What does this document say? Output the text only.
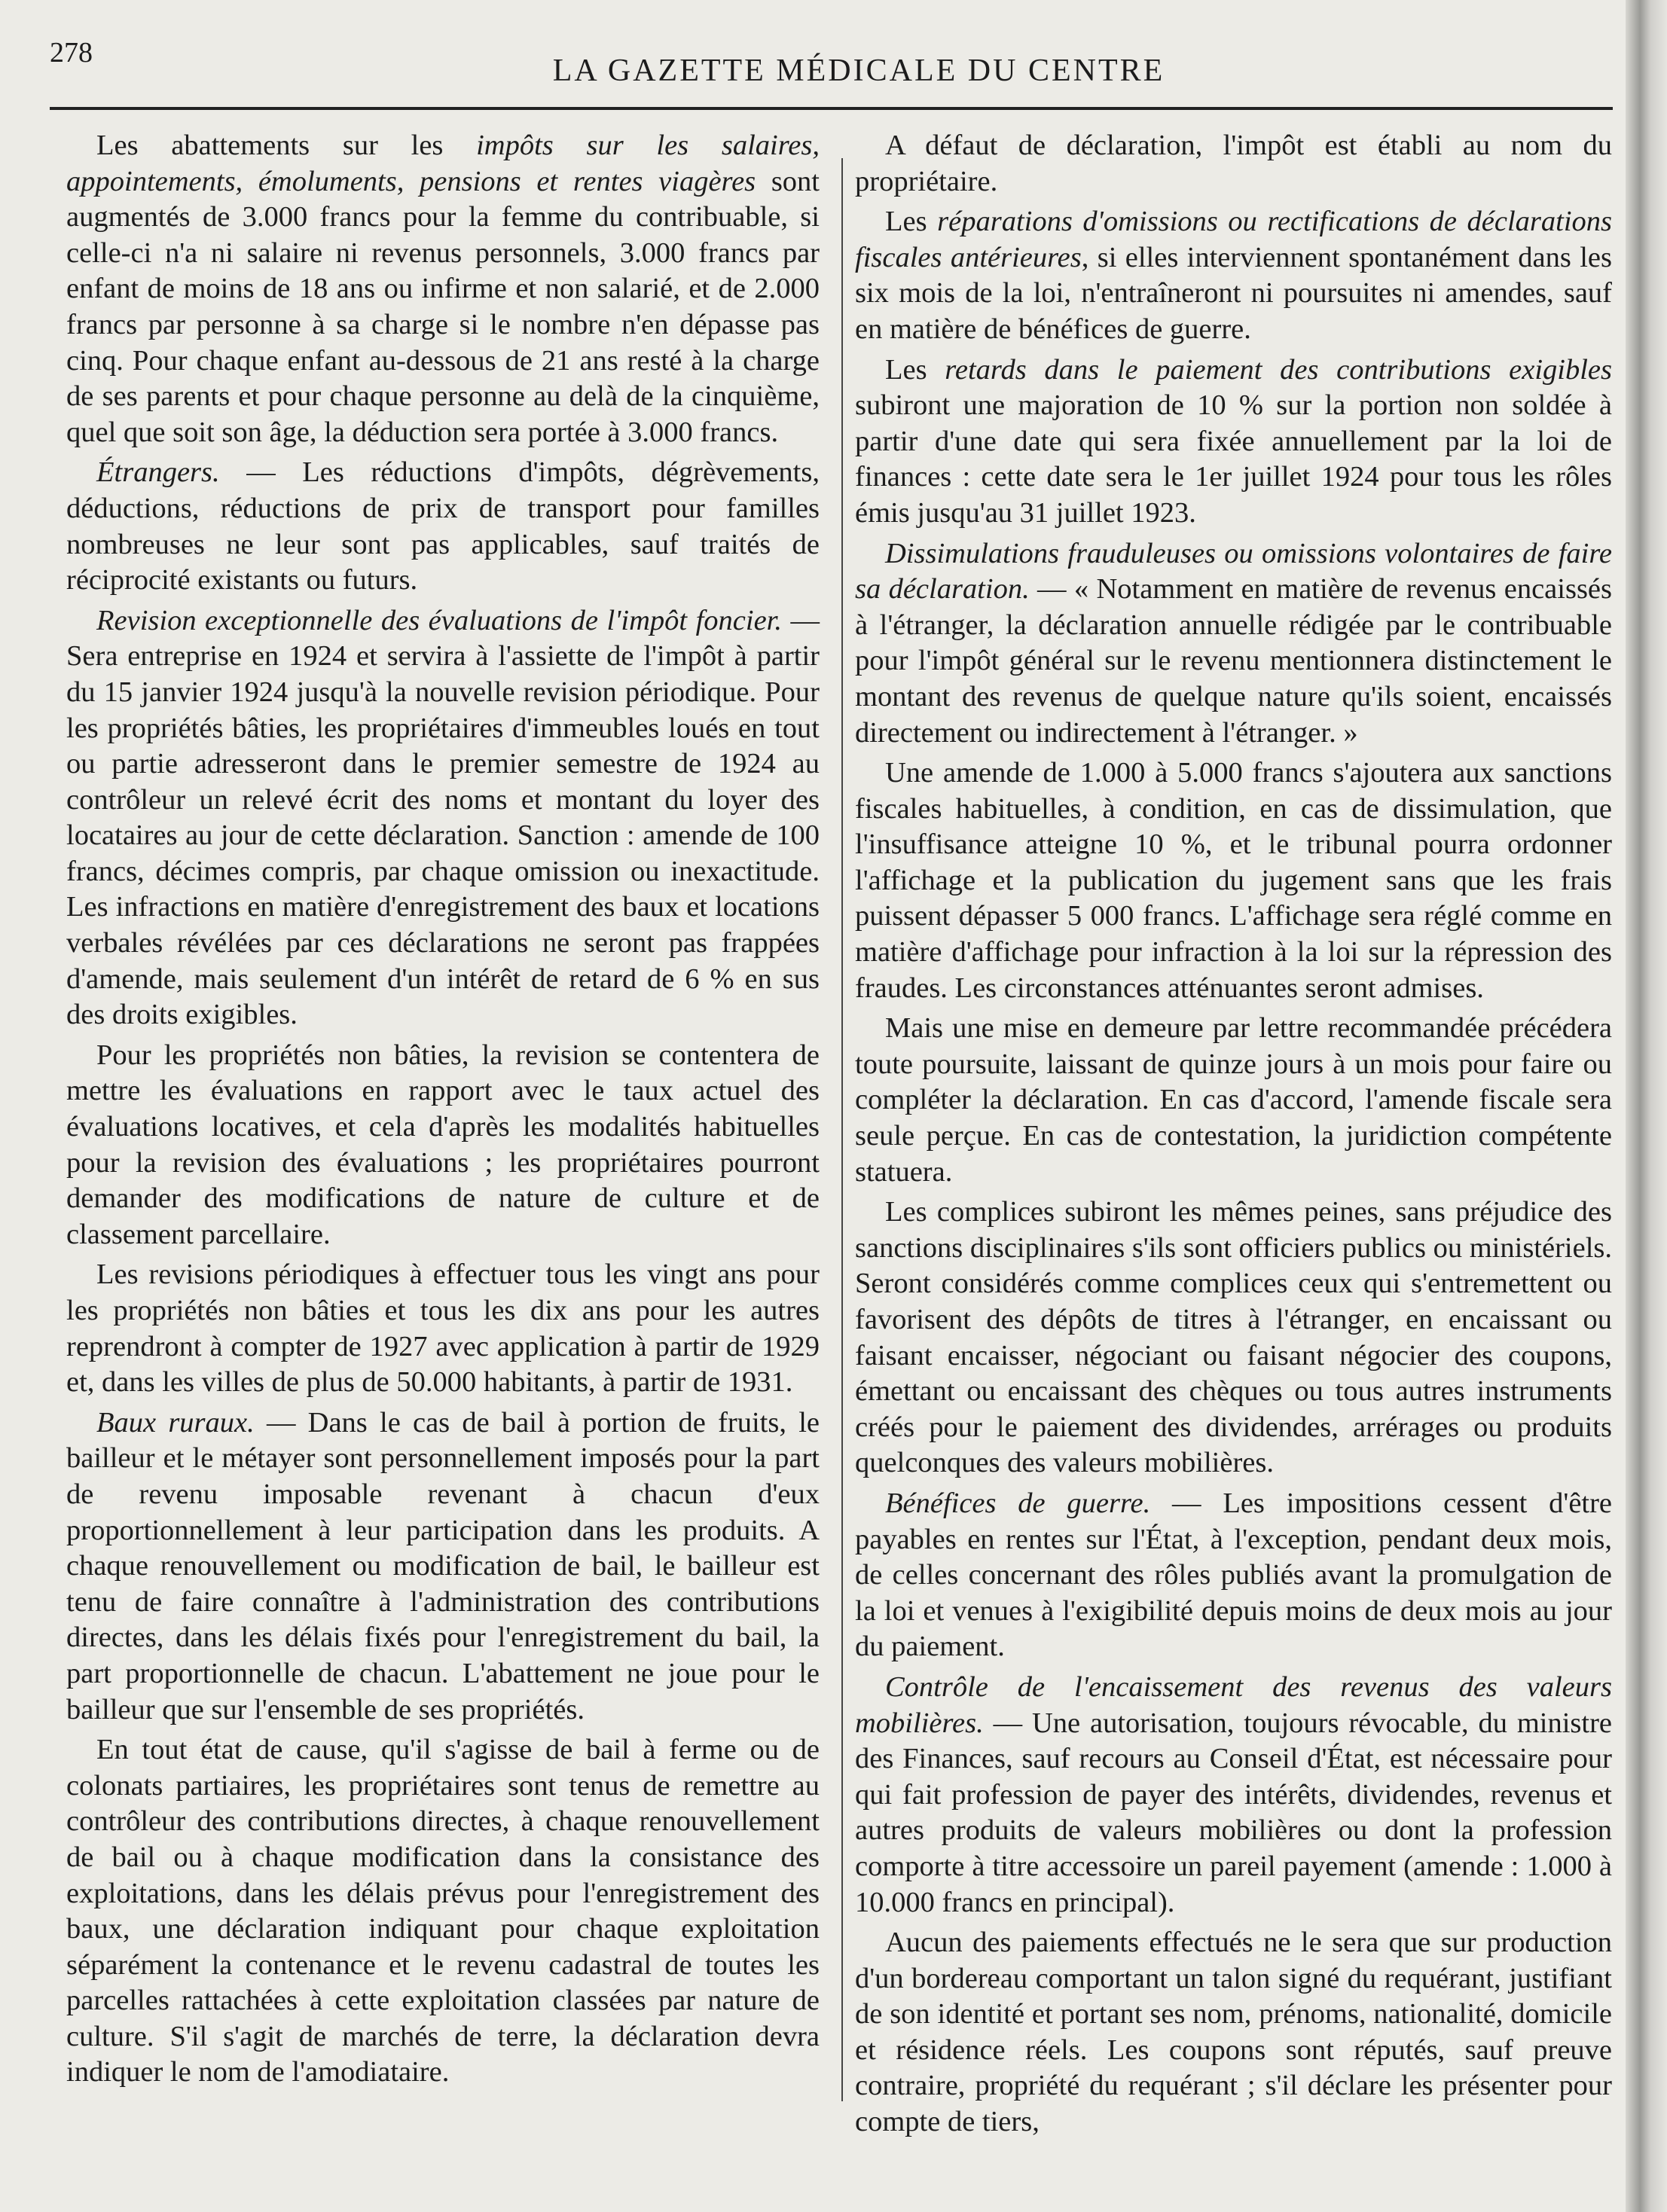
278
LA GAZETTE MÉDICALE DU CENTRE

Les abattements sur les impôts sur les salaires, appointements, émoluments, pensions et rentes viagères sont augmentés de 3.000 francs pour la femme du contribuable, si celle-ci n'a ni salaire ni revenus personnels, 3.000 francs par enfant de moins de 18 ans ou infirme et non salarié, et de 2.000 francs par personne à sa charge si le nombre n'en dépasse pas cinq. Pour chaque enfant au-dessous de 21 ans resté à la charge de ses parents et pour chaque personne au delà de la cinquième, quel que soit son âge, la déduction sera portée à 3.000 francs.

Étrangers. — Les réductions d'impôts, dégrèvements, déductions, réductions de prix de transport pour familles nombreuses ne leur sont pas applicables, sauf traités de réciprocité existants ou futurs.

Revision exceptionnelle des évaluations de l'impôt foncier. — Sera entreprise en 1924 et servira à l'assiette de l'impôt à partir du 15 janvier 1924 jusqu'à la nouvelle revision périodique. Pour les propriétés bâties, les propriétaires d'immeubles loués en tout ou partie adresseront dans le premier semestre de 1924 au contrôleur un relevé écrit des noms et montant du loyer des locataires au jour de cette déclaration. Sanction : amende de 100 francs, décimes compris, par chaque omission ou inexactitude. Les infractions en matière d'enregistrement des baux et locations verbales révélées par ces déclarations ne seront pas frappées d'amende, mais seulement d'un intérêt de retard de 6 % en sus des droits exigibles.

Pour les propriétés non bâties, la revision se contentera de mettre les évaluations en rapport avec le taux actuel des évaluations locatives, et cela d'après les modalités habituelles pour la revision des évaluations ; les propriétaires pourront demander des modifications de nature de culture et de classement parcellaire.

Les revisions périodiques à effectuer tous les vingt ans pour les propriétés non bâties et tous les dix ans pour les autres reprendront à compter de 1927 avec application à partir de 1929 et, dans les villes de plus de 50.000 habitants, à partir de 1931.

Baux ruraux. — Dans le cas de bail à portion de fruits, le bailleur et le métayer sont personnellement imposés pour la part de revenu imposable revenant à chacun d'eux proportionnellement à leur participation dans les produits. A chaque renouvellement ou modification de bail, le bailleur est tenu de faire connaître à l'administration des contributions directes, dans les délais fixés pour l'enregistrement du bail, la part proportionnelle de chacun. L'abattement ne joue pour le bailleur que sur l'ensemble de ses propriétés.

En tout état de cause, qu'il s'agisse de bail à ferme ou de colonats partiaires, les propriétaires sont tenus de remettre au contrôleur des contributions directes, à chaque renouvellement de bail ou à chaque modification dans la consistance des exploitations, dans les délais prévus pour l'enregistrement des baux, une déclaration indiquant pour chaque exploitation séparément la contenance et le revenu cadastral de toutes les parcelles rattachées à cette exploitation classées par nature de culture. S'il s'agit de marchés de terre, la déclaration devra indiquer le nom de l'amodiataire.

A défaut de déclaration, l'impôt est établi au nom du propriétaire.

Les réparations d'omissions ou rectifications de déclarations fiscales antérieures, si elles interviennent spontanément dans les six mois de la loi, n'entraîneront ni poursuites ni amendes, sauf en matière de bénéfices de guerre.

Les retards dans le paiement des contributions exigibles subiront une majoration de 10 % sur la portion non soldée à partir d'une date qui sera fixée annuellement par la loi de finances : cette date sera le 1er juillet 1924 pour tous les rôles émis jusqu'au 31 juillet 1923.

Dissimulations frauduleuses ou omissions volontaires de faire sa déclaration. — « Notamment en matière de revenus encaissés à l'étranger, la déclaration annuelle rédigée par le contribuable pour l'impôt général sur le revenu mentionnera distinctement le montant des revenus de quelque nature qu'ils soient, encaissés directement ou indirectement à l'étranger. »

Une amende de 1.000 à 5.000 francs s'ajoutera aux sanctions fiscales habituelles, à condition, en cas de dissimulation, que l'insuffisance atteigne 10 %, et le tribunal pourra ordonner l'affichage et la publication du jugement sans que les frais puissent dépasser 5 000 francs. L'affichage sera réglé comme en matière d'affichage pour infraction à la loi sur la répression des fraudes. Les circonstances atténuantes seront admises.

Mais une mise en demeure par lettre recommandée précédera toute poursuite, laissant de quinze jours à un mois pour faire ou compléter la déclaration. En cas d'accord, l'amende fiscale sera seule perçue. En cas de contestation, la juridiction compétente statuera.

Les complices subiront les mêmes peines, sans préjudice des sanctions disciplinaires s'ils sont officiers publics ou ministériels. Seront considérés comme complices ceux qui s'entremettent ou favorisent des dépôts de titres à l'étranger, en encaissant ou faisant encaisser, négociant ou faisant négocier des coupons, émettant ou encaissant des chèques ou tous autres instruments créés pour le paiement des dividendes, arrérages ou produits quelconques des valeurs mobilières.

Bénéfices de guerre. — Les impositions cessent d'être payables en rentes sur l'État, à l'exception, pendant deux mois, de celles concernant des rôles publiés avant la promulgation de la loi et venues à l'exigibilité depuis moins de deux mois au jour du paiement.

Contrôle de l'encaissement des revenus des valeurs mobilières. — Une autorisation, toujours révocable, du ministre des Finances, sauf recours au Conseil d'État, est nécessaire pour qui fait profession de payer des intérêts, dividendes, revenus et autres produits de valeurs mobilières ou dont la profession comporte à titre accessoire un pareil payement (amende : 1.000 à 10.000 francs en principal).

Aucun des paiements effectués ne le sera que sur production d'un bordereau comportant un talon signé du requérant, justifiant de son identité et portant ses nom, prénoms, nationalité, domicile et résidence réels. Les coupons sont réputés, sauf preuve contraire, propriété du requérant ; s'il déclare les présenter pour compte de tiers,
